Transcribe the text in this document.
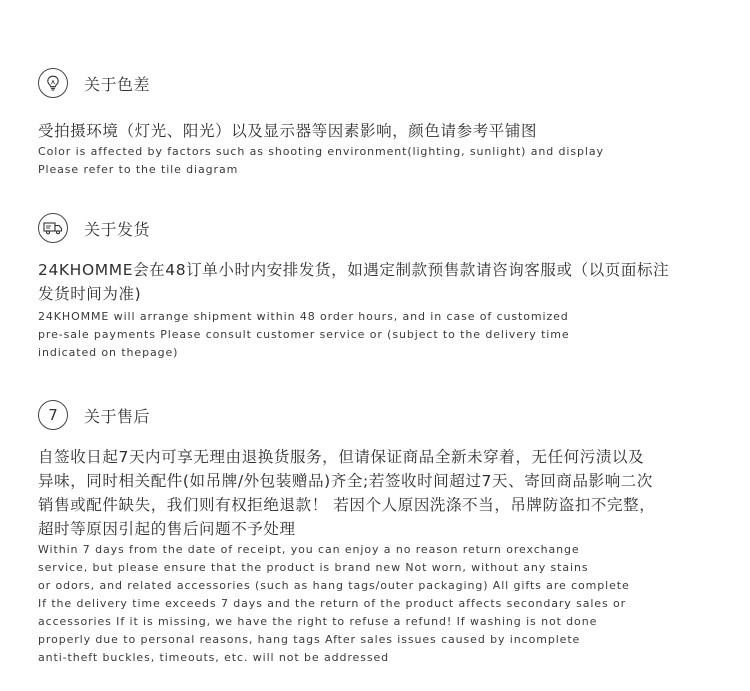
关于色差

受拍摄环境（灯光、阳光）以及显示器等因素影响，颜色请参考平铺图

Color is affected by factors such as shooting environment(lighting, sunlight) and display

Please refer to the tile diagram

关于发货

24KHOMME会在48订单小时内安排发货，如遇定制款预售款请咨询客服或（以页面标注

发货时间为准)

24KHOMME will arrange shipment within 48 order hours, and in case of customized

pre-sale payments Please consult customer service or (subject to the delivery time

indicated on thepage)

7 关于售后

自签收日起7天内可享无理由退换货服务，但请保证商品全新未穿着，无任何污渍以及

异味，同时相关配件(如吊牌/外包装赠品)齐全;若签收时间超过7天、寄回商品影响二次

销售或配件缺失，我们则有权拒绝退款！ 若因个人原因洗涤不当，吊牌防盗扣不完整，

超时等原因引起的售后问题不予处理

Within 7 days from the date of receipt, you can enjoy a no reason return orexchange

service, but please ensure that the product is brand new Not worn, without any stains

or odors, and related accessories (such as hang tags/outer packaging) All gifts are complete

If the delivery time exceeds 7 days and the return of the product affects secondary sales or

accessories If it is missing, we have the right to refuse a refund! If washing is not done

properly due to personal reasons, hang tags After sales issues caused by incomplete

anti-theft buckles, timeouts, etc. will not be addressed
